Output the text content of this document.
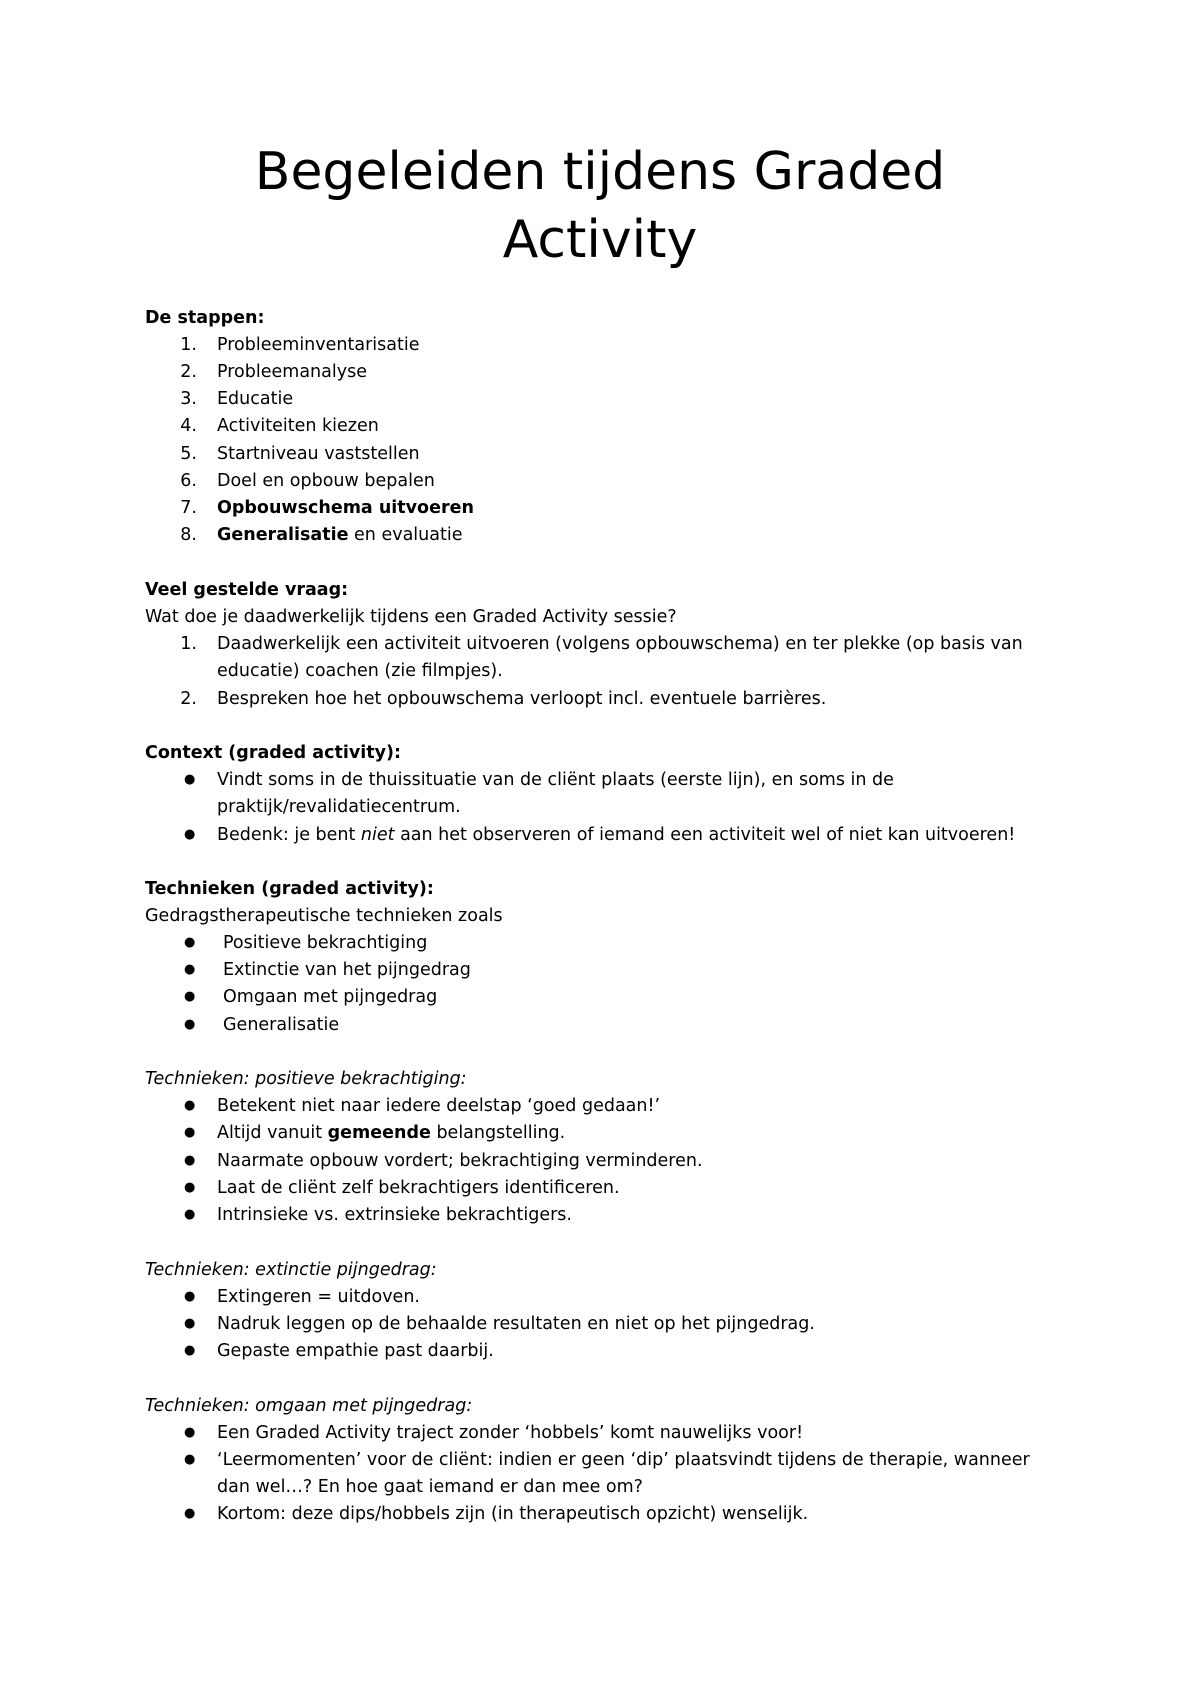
Begeleiden tijdens Graded
Activity
De stappen:
1. Probleeminventarisatie
2. Probleemanalyse
3. Educatie
4. Activiteiten kiezen
5. Startniveau vaststellen
6. Doel en opbouw bepalen
7. Opbouwschema uitvoeren
8. Generalisatie en evaluatie
Veel gestelde vraag:
Wat doe je daadwerkelijk tijdens een Graded Activity sessie?
1. Daadwerkelijk een activiteit uitvoeren (volgens opbouwschema) en ter plekke (op basis van
educatie) coachen (zie filmpjes).
2. Bespreken hoe het opbouwschema verloopt incl. eventuele barrières.
Context (graded activity):
● Vindt soms in de thuissituatie van de cliënt plaats (eerste lijn), en soms in de
praktijk/revalidatiecentrum.
● Bedenk: je bent niet aan het observeren of iemand een activiteit wel of niet kan uitvoeren!
Technieken (graded activity):
Gedragstherapeutische technieken zoals
● Positieve bekrachtiging
● Extinctie van het pijngedrag
● Omgaan met pijngedrag
● Generalisatie
Technieken: positieve bekrachtiging:
● Betekent niet naar iedere deelstap ‘goed gedaan!’
● Altijd vanuit gemeende belangstelling.
● Naarmate opbouw vordert; bekrachtiging verminderen.
● Laat de cliënt zelf bekrachtigers identificeren.
● Intrinsieke vs. extrinsieke bekrachtigers.
Technieken: extinctie pijngedrag:
● Extingeren = uitdoven.
● Nadruk leggen op de behaalde resultaten en niet op het pijngedrag.
● Gepaste empathie past daarbij.
Technieken: omgaan met pijngedrag:
● Een Graded Activity traject zonder ‘hobbels’ komt nauwelijks voor!
● ‘Leermomenten’ voor de cliënt: indien er geen ‘dip’ plaatsvindt tijdens de therapie, wanneer
dan wel…? En hoe gaat iemand er dan mee om?
● Kortom: deze dips/hobbels zijn (in therapeutisch opzicht) wenselijk.
